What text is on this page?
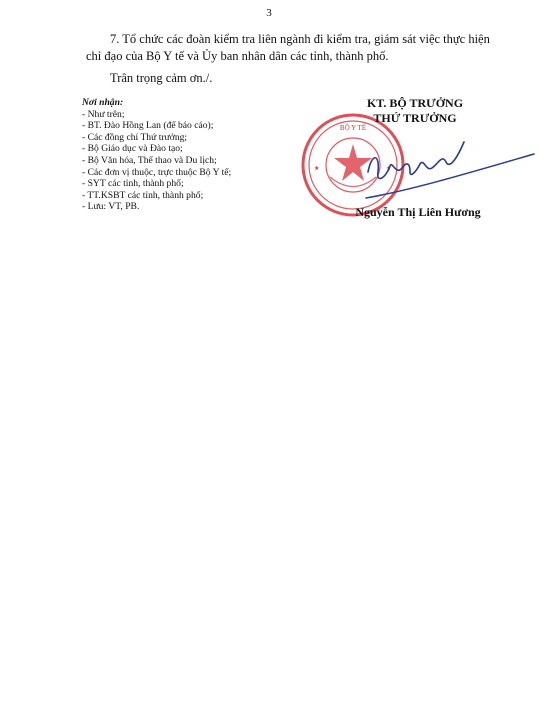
3
7. Tổ chức các đoàn kiểm tra liên ngành đi kiểm tra, giám sát việc thực hiện chỉ đạo của Bộ Y tế và Ủy ban nhân dân các tỉnh, thành phố.
Trân trọng cảm ơn./.
Nơi nhận:
- Như trên;
- BT. Đào Hồng Lan (để báo cáo);
- Các đồng chí Thứ trưởng;
- Bộ Giáo dục và Đào tạo;
- Bộ Văn hóa, Thể thao và Du lịch;
- Các đơn vị thuộc, trực thuộc Bộ Y tế;
- SYT các tỉnh, thành phố;
- TT.KSBT các tỉnh, thành phố;
- Lưu: VT, PB.
BỘ Y TẾ
★	★
KT. BỘ TRƯỞNG
THỨ TRƯỞNG
Nguyễn Thị Liên Hương
